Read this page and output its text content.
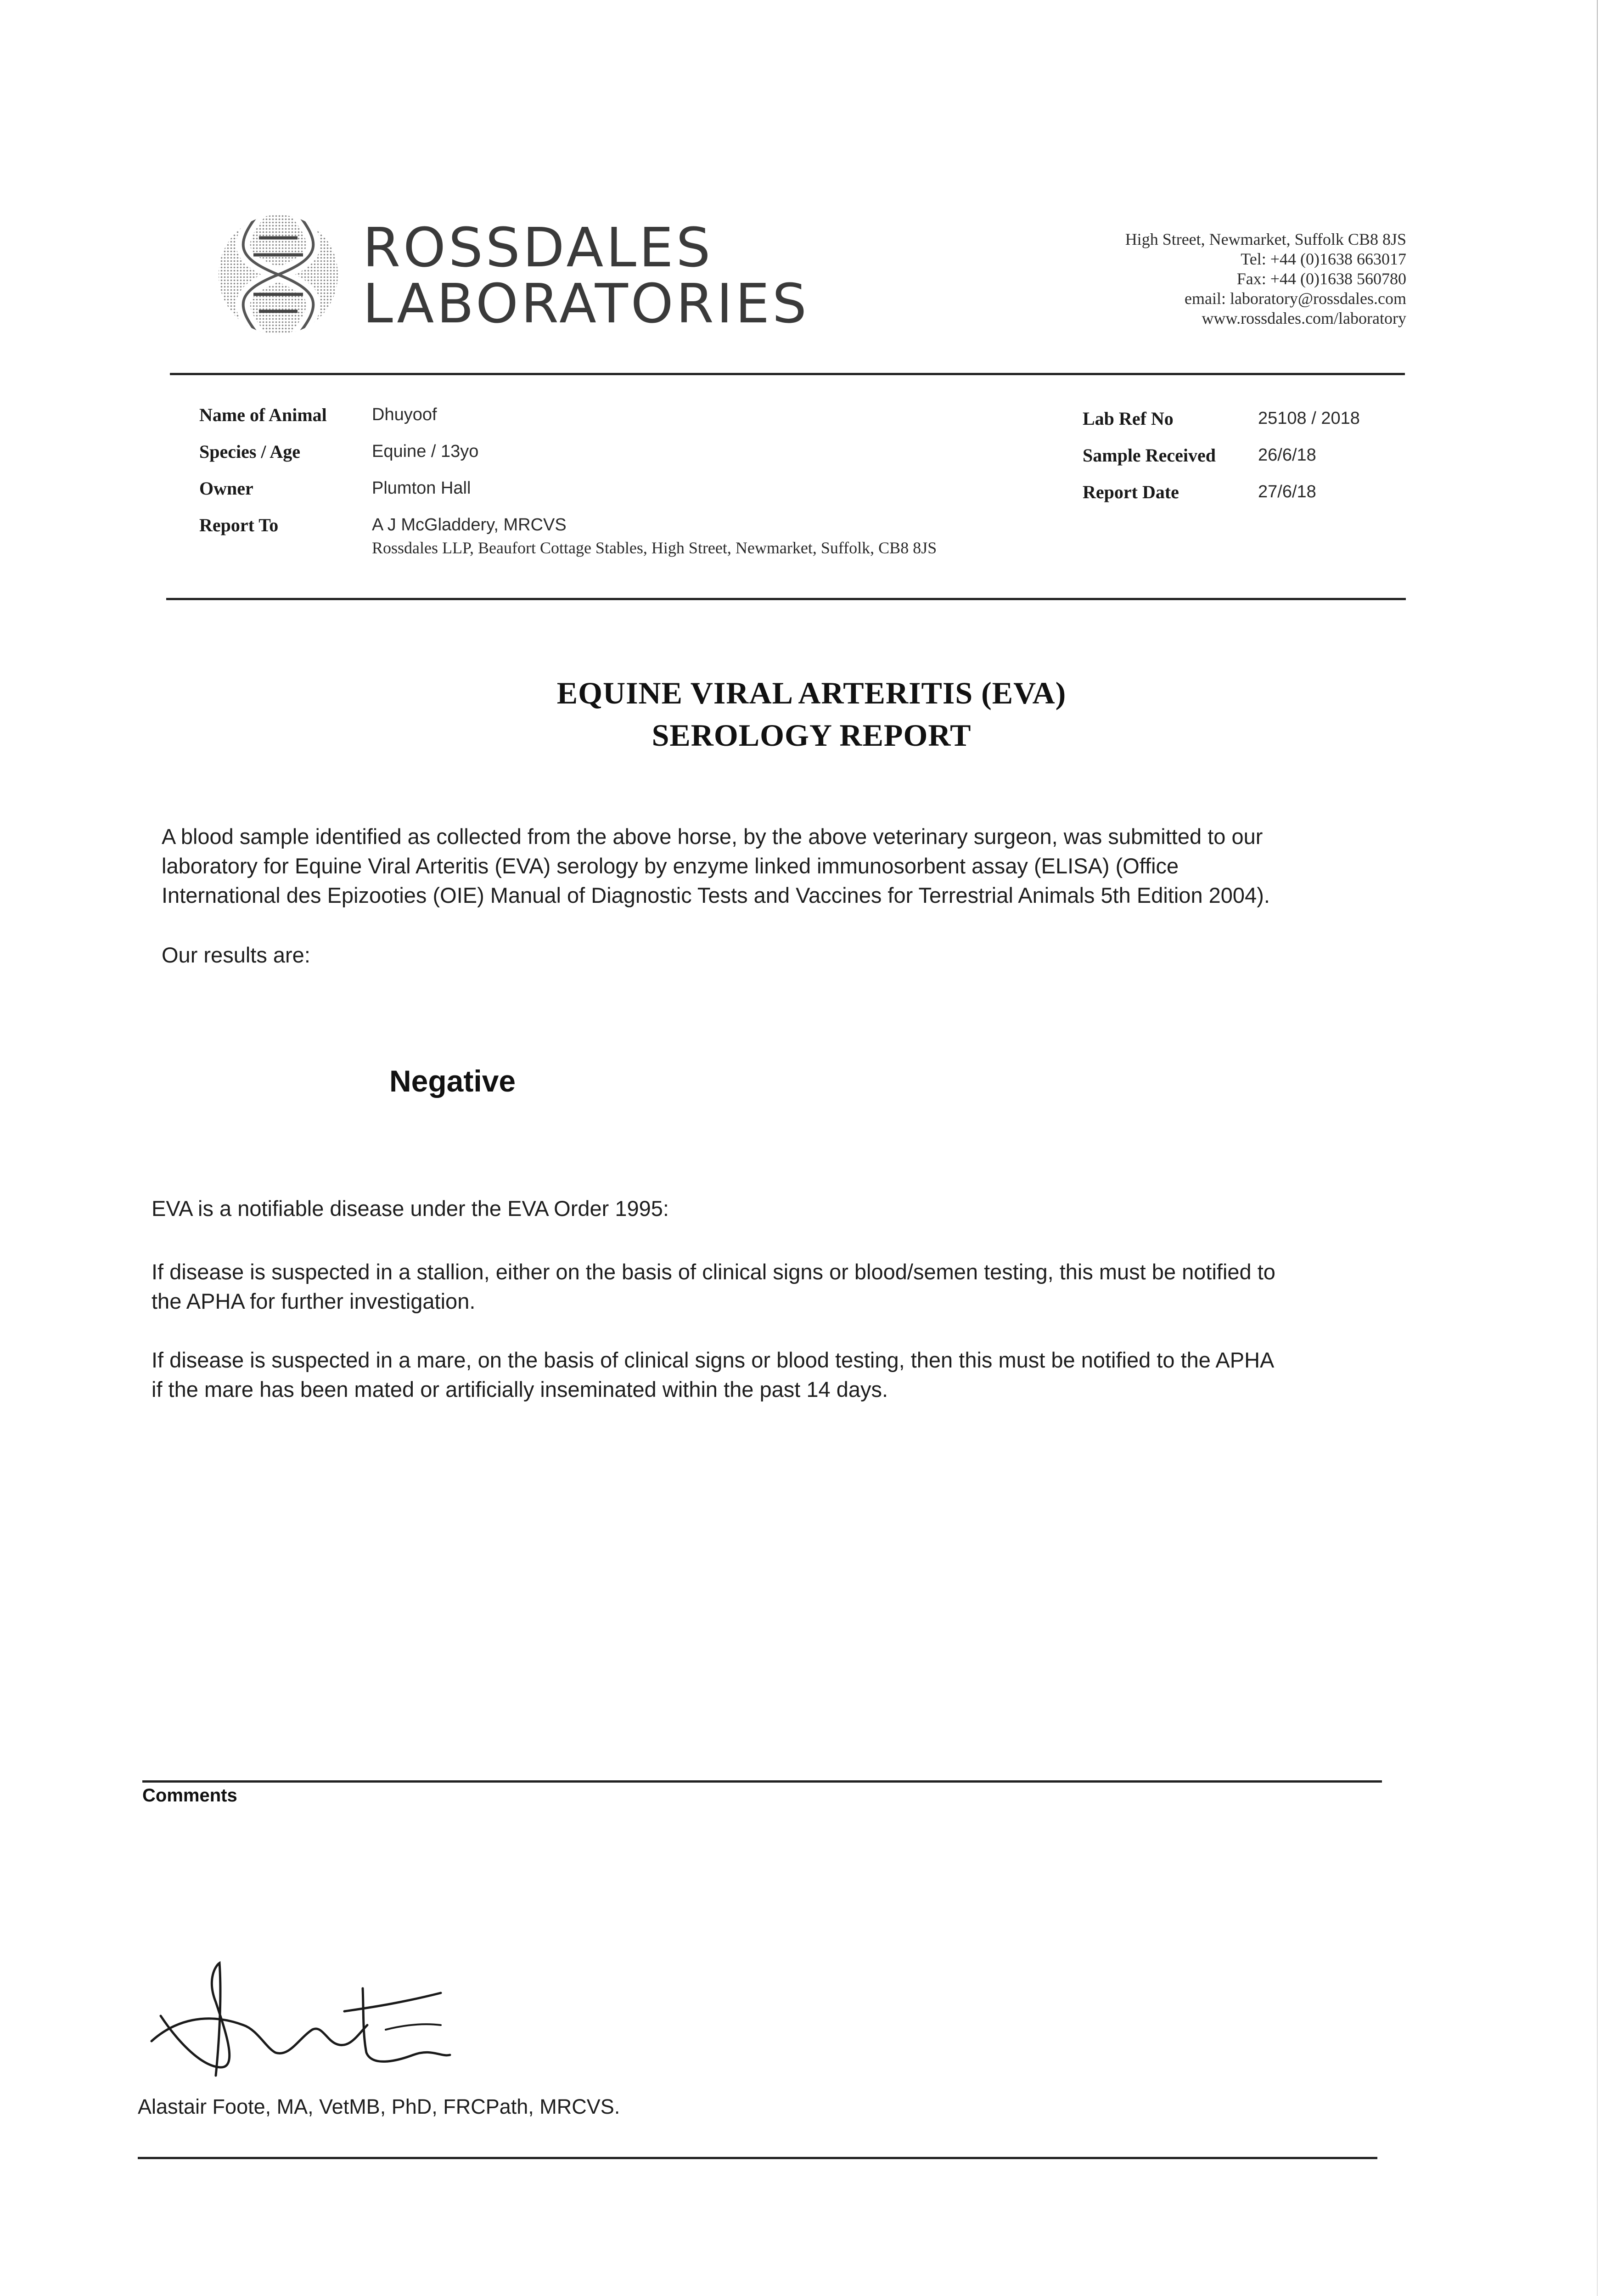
ROSSDALES
LABORATORIES
High Street, Newmarket, Suffolk CB8 8JS
Tel: +44 (0)1638 663017
Fax: +44 (0)1638 560780
email: laboratory@rossdales.com
www.rossdales.com/laboratory
Name of Animal	Dhuyoof
Species / Age	Equine / 13yo
Owner	Plumton Hall
Report To	A J McGladdery, MRCVS
Rossdales LLP, Beaufort Cottage Stables, High Street, Newmarket, Suffolk, CB8 8JS
Lab Ref No	25108 / 2018
Sample Received 26/6/18
Report Date	27/6/18
EQUINE VIRAL ARTERITIS (EVA)
SEROLOGY REPORT
A blood sample identified as collected from the above horse, by the above veterinary surgeon, was submitted to our
laboratory for Equine Viral Arteritis (EVA) serology by enzyme linked immunosorbent assay (ELISA) (Office
International des Epizooties (OIE) Manual of Diagnostic Tests and Vaccines for Terrestrial Animals 5th Edition 2004).
Our results are:
Negative
EVA is a notifiable disease under the EVA Order 1995:
If disease is suspected in a stallion, either on the basis of clinical signs or blood/semen testing, this must be notified to
the APHA for further investigation.
If disease is suspected in a mare, on the basis of clinical signs or blood testing, then this must be notified to the APHA
if the mare has been mated or artificially inseminated within the past 14 days.
Comments
Alastair Foote, MA, VetMB, PhD, FRCPath, MRCVS.
